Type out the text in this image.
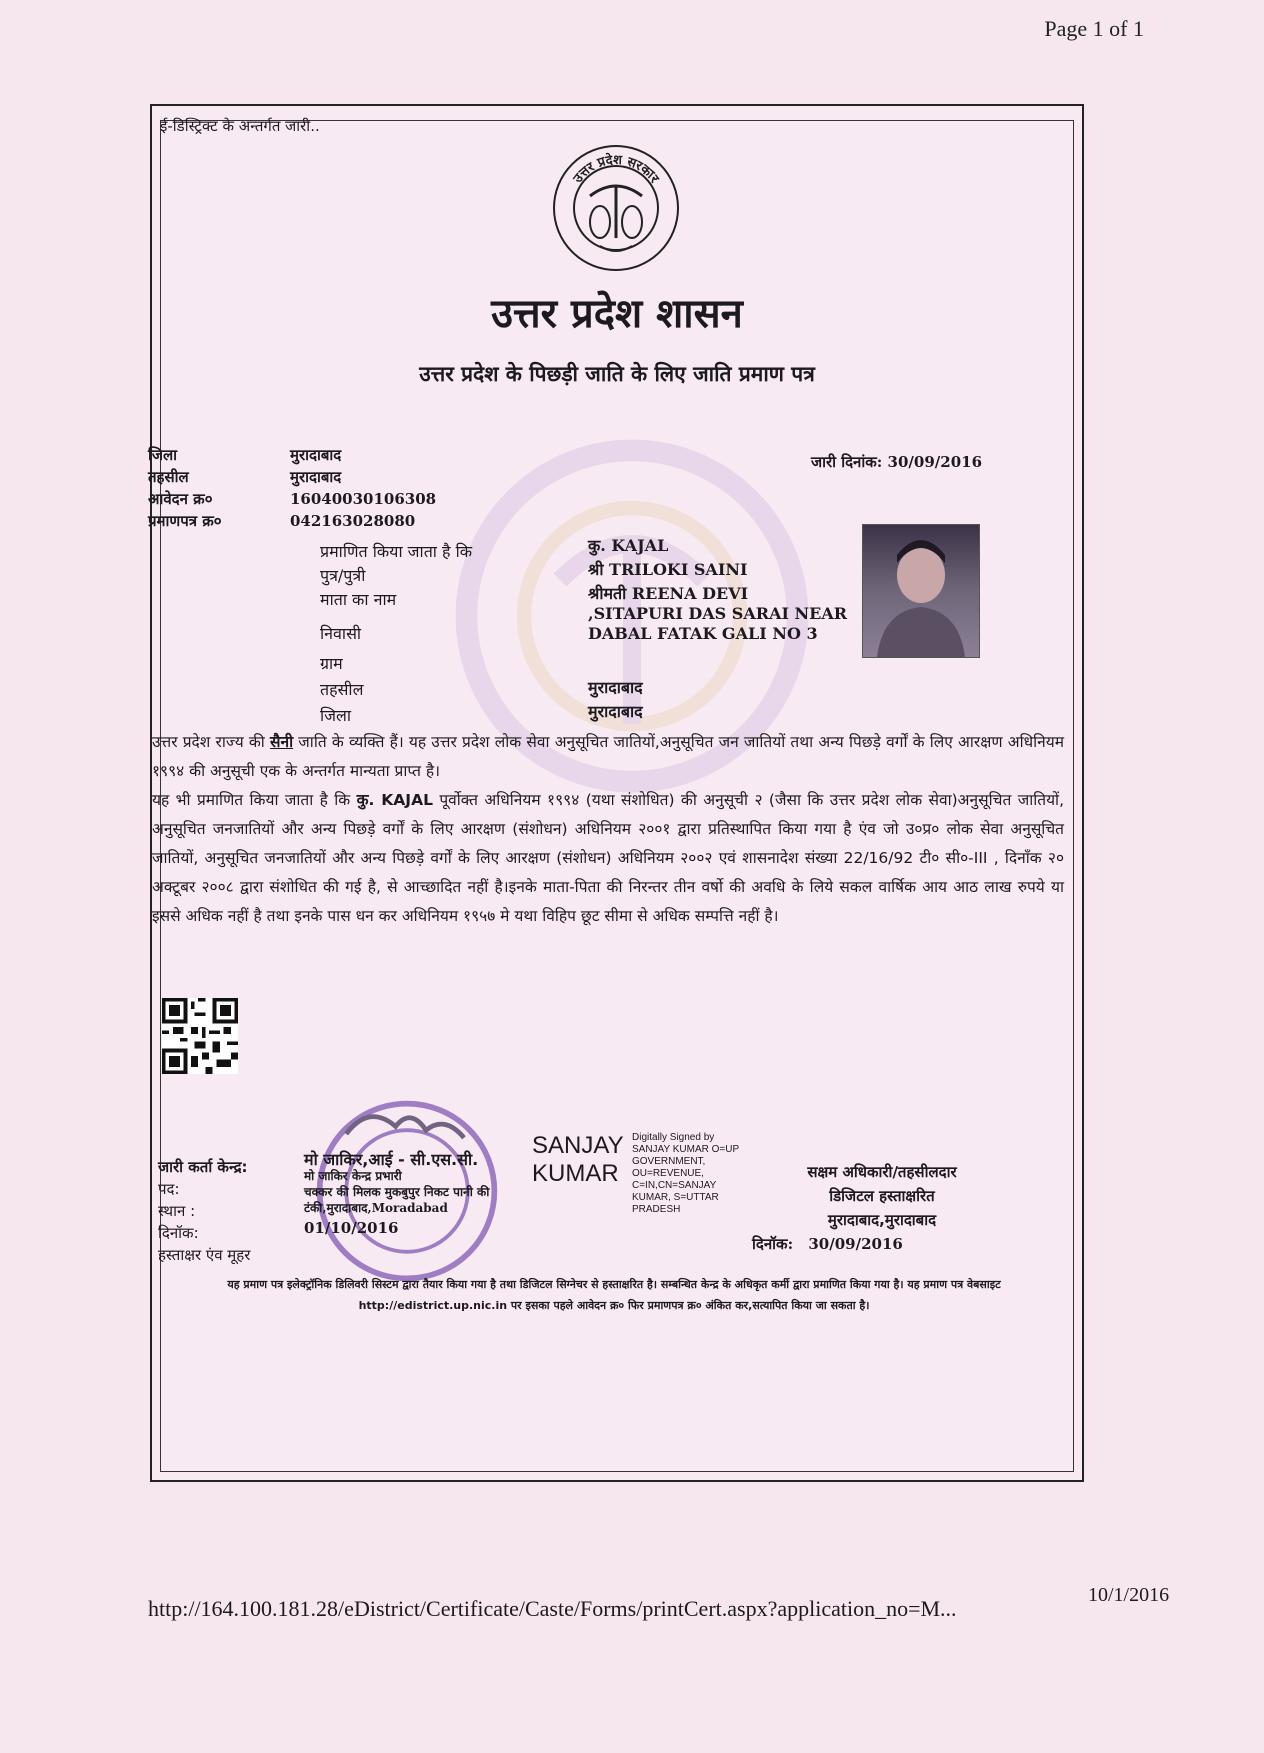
Page 1 of 1
ई-डिस्ट्रिक्ट के अन्तर्गत जारी..
उत्तर प्रदेश सरकार
उत्तर प्रदेश शासन
उत्तर प्रदेश के पिछड़ी जाति के लिए जाति प्रमाण पत्र
जिला
तहसील
आवेदन क्र०
प्रमाणपत्र क्र०
मुरादाबाद
मुरादाबाद
16040030106308
042163028080
जारी दिनांक: 30/09/2016
प्रमाणित किया जाता है कि
पुत्र/पुत्री
माता का नाम
निवासी
ग्राम
तहसील
जिला
कु. KAJAL
श्री TRILOKI SAINI
श्रीमती REENA DEVI
,SITAPURI DAS SARAI NEAR
DABAL FATAK GALI NO 3
मुरादाबाद
मुरादाबाद
उत्तर प्रदेश राज्य की सैनी जाति के व्यक्ति हैं। यह उत्तर प्रदेश लोक सेवा अनुसूचित जातियों,अनुसूचित जन जातियों तथा अन्य पिछड़े वर्गों के लिए आरक्षण अधिनियम १९९४ की अनुसूची एक के अन्तर्गत मान्यता प्राप्त है।
यह भी प्रमाणित किया जाता है कि कु. KAJAL पूर्वोक्त अधिनियम १९९४ (यथा संशोधित) की अनुसूची २ (जैसा कि उत्तर प्रदेश लोक सेवा)अनुसूचित जातियों, अनुसूचित जनजातियों और अन्य पिछड़े वर्गों के लिए आरक्षण (संशोधन) अधिनियम २००१ द्वारा प्रतिस्थापित किया गया है एंव जो उ०प्र० लोक सेवा अनुसूचित जातियों, अनुसूचित जनजातियों और अन्य पिछड़े वर्गों के लिए आरक्षण (संशोधन) अधिनियम २००२ एवं शासनादेश संख्या 22/16/92 टी० सी०-III , दिनाँक २० अक्टूबर २००८ द्वारा संशोधित की गई है, से आच्छादित नहीं है।इनके माता-पिता की निरन्तर तीन वर्षो की अवधि के लिये सकल वार्षिक आय आठ लाख रुपये या इससे अधिक नहीं है तथा इनके पास धन कर अधिनियम १९५७ मे यथा विहिप छूट सीमा से अधिक सम्पत्ति नहीं है।
जारी कर्ता केन्द्र:
पद:
स्थान :
दिनॉक:
हस्ताक्षर एंव मूहर
मो जाकिर,आई - सी.एस.सी.
मो जाकिर केन्द्र प्रभारी
चक्कर की मिलक मुकबुपुर निकट पानी की टंकी,मुरादाबाद,Moradabad
01/10/2016
SANJAY
KUMAR
Digitally Signed by SANJAY KUMAR O=UP GOVERNMENT, OU=REVENUE, C=IN,CN=SANJAY KUMAR, S=UTTAR PRADESH
सक्षम अधिकारी/तहसीलदार
डिजिटल हस्ताक्षरित
मुरादाबाद,मुरादाबाद
दिनॉक: 30/09/2016
यह प्रमाण पत्र इलेक्ट्रॉनिक डिलिवरी सिस्टम द्वारा तैयार किया गया है तथा डिजिटल सिग्नेचर से हस्ताक्षरित है। सम्बन्धित केन्द्र के अधिकृत कर्मी द्वारा प्रमाणित किया गया है। यह प्रमाण पत्र वेबसाइट http://edistrict.up.nic.in पर इसका पहले आवेदन क्र० फिर प्रमाणपत्र क्र० अंकित कर,सत्यापित किया जा सकता है।
http://164.100.181.28/eDistrict/Certificate/Caste/Forms/printCert.aspx?application_no=M...
10/1/2016
